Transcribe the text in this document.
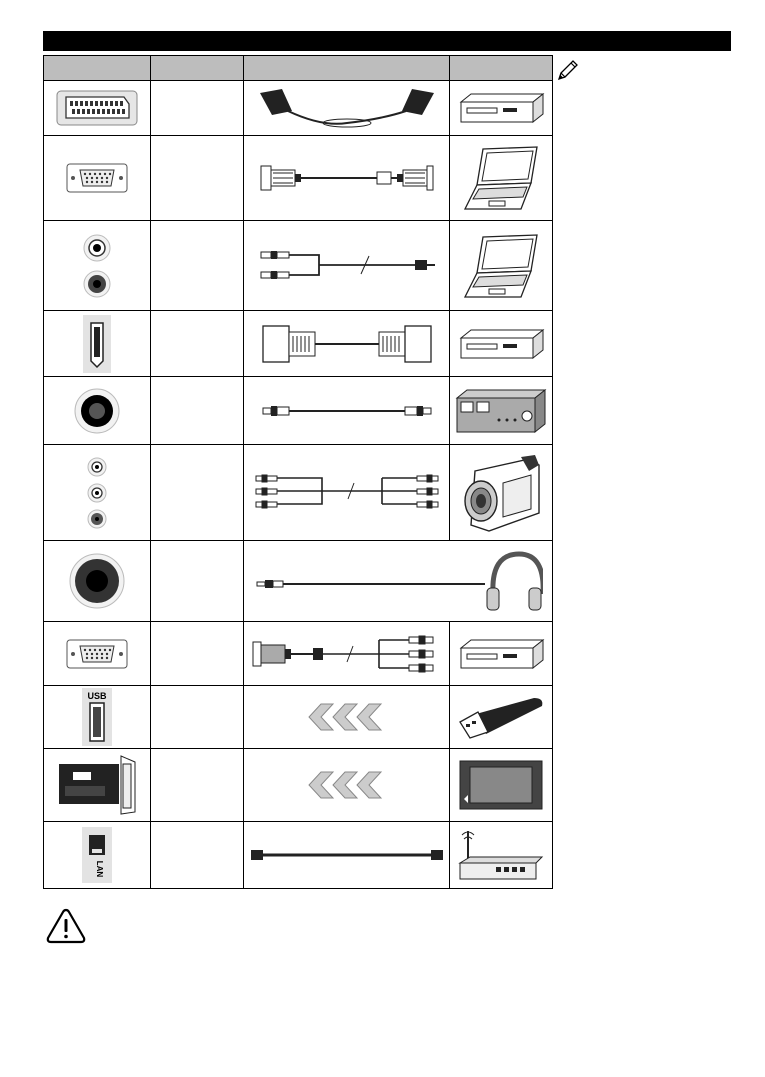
USB

LAN
